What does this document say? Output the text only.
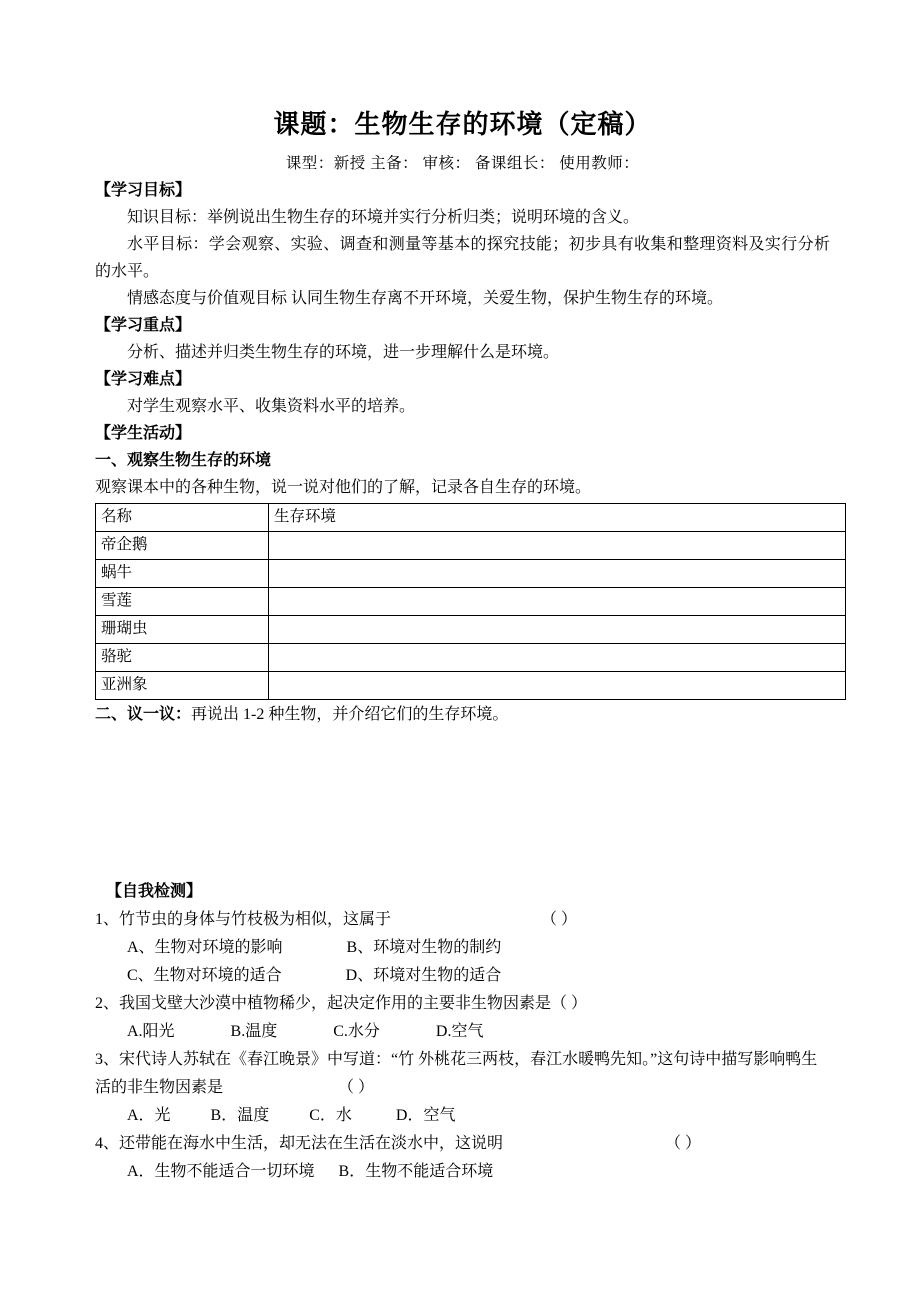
课题：生物生存的环境（定稿）
课型：新授 主备： 审核： 备课组长： 使用教师：
【学习目标】
知识目标：举例说出生物生存的环境并实行分析归类；说明环境的含义。
水平目标：学会观察、实验、调查和测量等基本的探究技能；初步具有收集和整理资料及实行分析的水平。
情感态度与价值观目标 认同生物生存离不开环境，关爱生物，保护生物生存的环境。
【学习重点】
分析、描述并归类生物生存的环境，进一步理解什么是环境。
【学习难点】
对学生观察水平、收集资料水平的培养。
【学生活动】
一、观察生物生存的环境
观察课本中的各种生物，说一说对他们的了解，记录各自生存的环境。
名称	生存环境
帝企鹅	
蜗牛	
雪莲	
珊瑚虫	
骆驼	
亚洲象	
二、议一议：再说出 1-2 种生物，并介绍它们的生存环境。
【自我检测】
1、竹节虫的身体与竹枝极为相似，这属于	（ ）
A、生物对环境的影响                B、环境对生物的制约
C、生物对环境的适合                D、环境对生物的适合
2、我国戈壁大沙漠中植物稀少，起决定作用的主要非生物因素是（ ）
A.阳光              B.温度              C.水分              D.空气
3、宋代诗人苏轼在《春江晚景》中写道：“竹 外桃花三两枝，春江水暖鸭先知。”这句诗中描写影响鸭生活的非生物因素是	（ ）
A．光          B．温度          C．水           D．空气
4、还带能在海水中生活，却无法在生活在淡水中，这说明	（ ）
A．生物不能适合一切环境      B．生物不能适合环境
